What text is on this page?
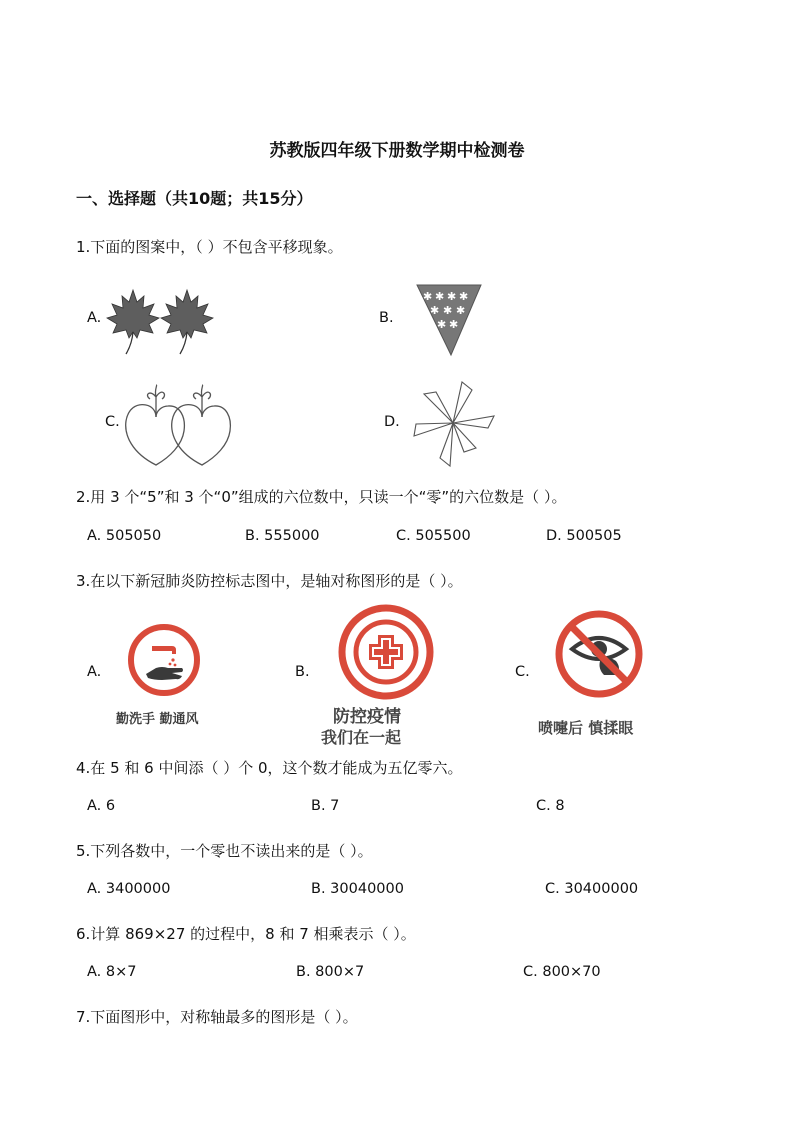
苏教版四年级下册数学期中检测卷
一、选择题（共10题；共15分）
1.下面的图案中，（ ）不包含平移现象。
A.	B.
✱ ✱ ✱ ✱
✱ ✱ ✱
✱ ✱
C.	D.
2.用 3 个“5”和 3 个“0”组成的六位数中，只读一个“零”的六位数是（ ）。
A. 505050	B. 555000	C. 505500	D. 500505
3.在以下新冠肺炎防控标志图中，是轴对称图形的是（ ）。
A.
勤洗手 勤通风
B.
防控疫情
我们在一起
C.
喷嚏后 慎揉眼
4.在 5 和 6 中间添（ ）个 0，这个数才能成为五亿零六。
A. 6	B. 7	C. 8
5.下列各数中，一个零也不读出来的是（ ）。
A. 3400000	B. 30040000	C. 30400000
6.计算 869×27 的过程中，8 和 7 相乘表示（ ）。
A. 8×7	B. 800×7	C. 800×70
7.下面图形中，对称轴最多的图形是（ ）。
